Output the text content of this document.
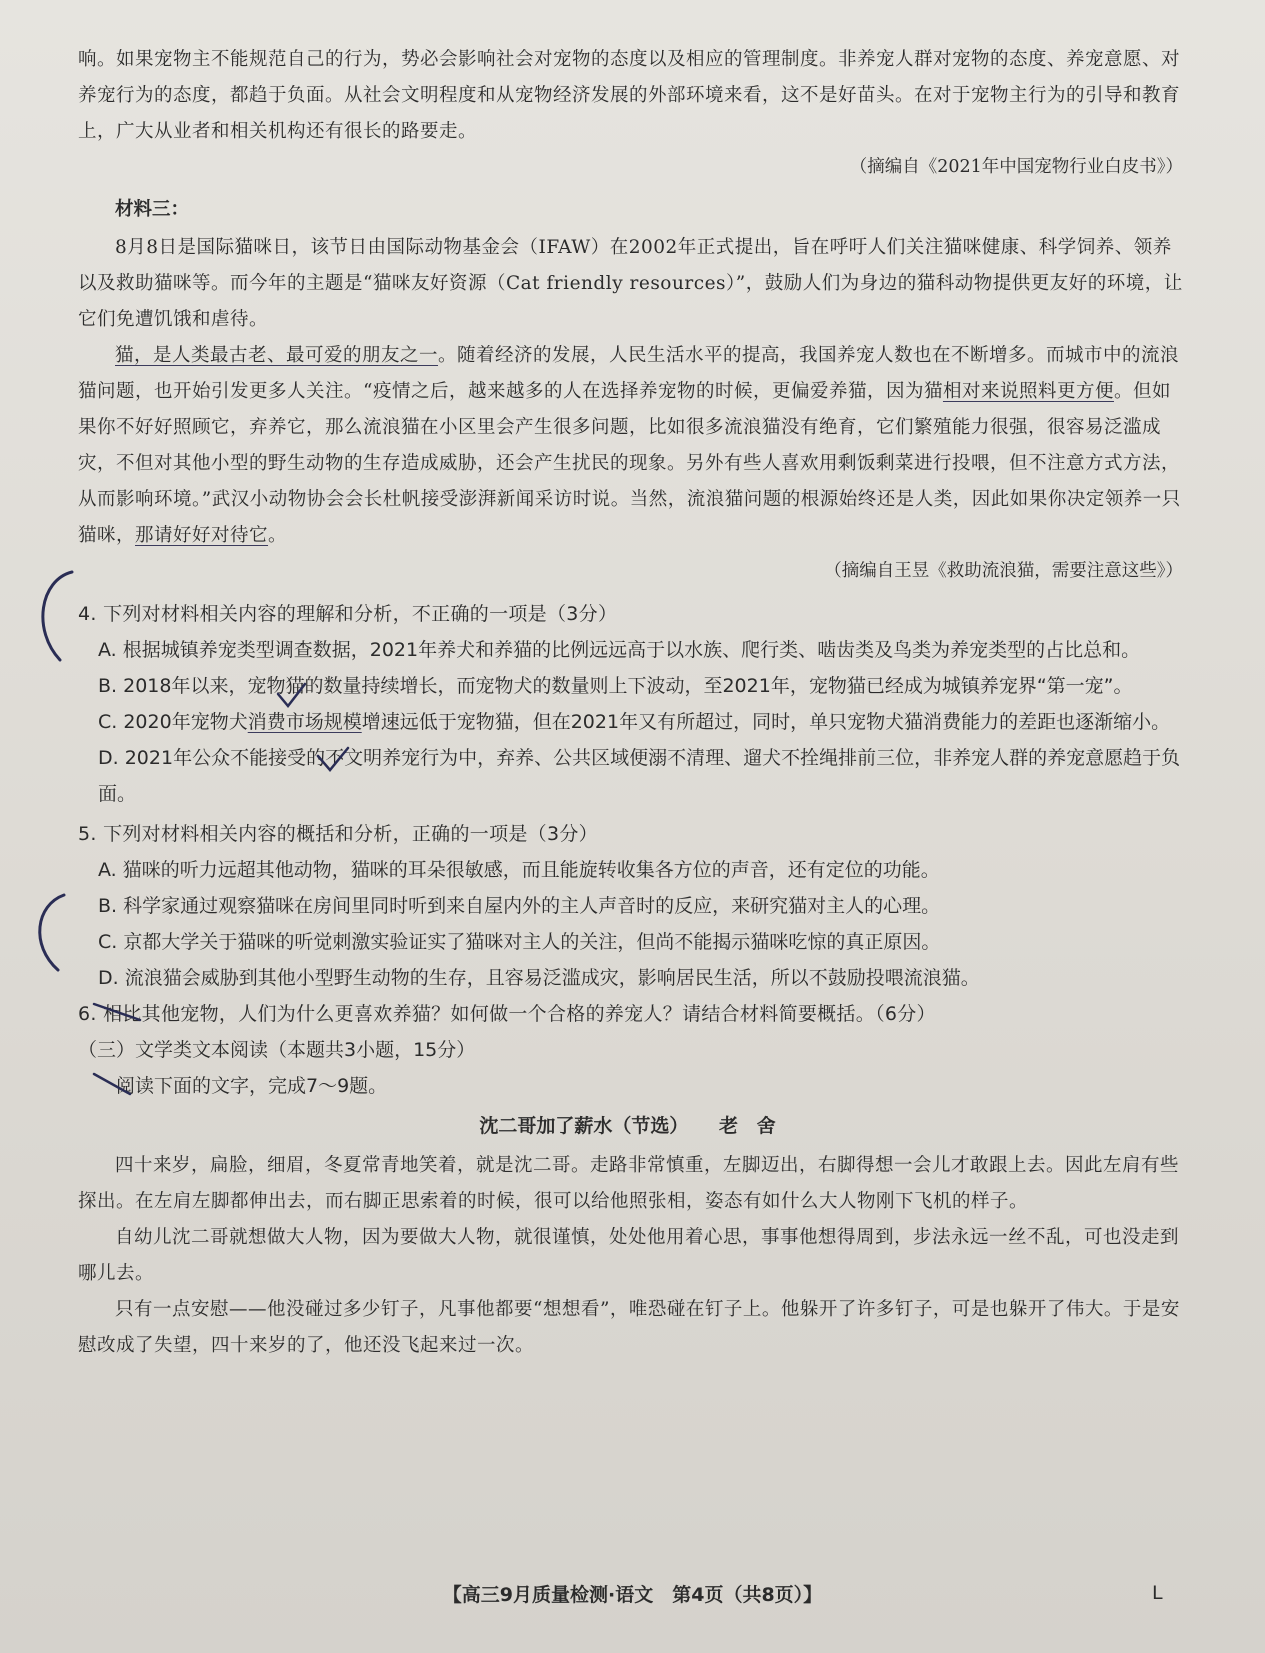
响。如果宠物主不能规范自己的行为，势必会影响社会对宠物的态度以及相应的管理制度。非养宠人群对宠物的态度、养宠意愿、对养宠行为的态度，都趋于负面。从社会文明程度和从宠物经济发展的外部环境来看，这不是好苗头。在对于宠物主行为的引导和教育上，广大从业者和相关机构还有很长的路要走。

（摘编自《2021年中国宠物行业白皮书》）

材料三：

8月8日是国际猫咪日，该节日由国际动物基金会（IFAW）在2002年正式提出，旨在呼吁人们关注猫咪健康、科学饲养、领养以及救助猫咪等。而今年的主题是“猫咪友好资源（Cat friendly resources）”，鼓励人们为身边的猫科动物提供更友好的环境，让它们免遭饥饿和虐待。

猫，是人类最古老、最可爱的朋友之一。随着经济的发展，人民生活水平的提高，我国养宠人数也在不断增多。而城市中的流浪猫问题，也开始引发更多人关注。“疫情之后，越来越多的人在选择养宠物的时候，更偏爱养猫，因为猫相对来说照料更方便。但如果你不好好照顾它，弃养它，那么流浪猫在小区里会产生很多问题，比如很多流浪猫没有绝育，它们繁殖能力很强，很容易泛滥成灾，不但对其他小型的野生动物的生存造成威胁，还会产生扰民的现象。另外有些人喜欢用剩饭剩菜进行投喂，但不注意方式方法，从而影响环境。”武汉小动物协会会长杜帆接受澎湃新闻采访时说。当然，流浪猫问题的根源始终还是人类，因此如果你决定领养一只猫咪，那请好好对待它。

（摘编自王昱《救助流浪猫，需要注意这些》）

4. 下列对材料相关内容的理解和分析，不正确的一项是（3分）

A. 根据城镇养宠类型调查数据，2021年养犬和养猫的比例远远高于以水族、爬行类、啮齿类及鸟类为养宠类型的占比总和。

B. 2018年以来，宠物猫的数量持续增长，而宠物犬的数量则上下波动，至2021年，宠物猫已经成为城镇养宠界“第一宠”。

C. 2020年宠物犬消费市场规模增速远低于宠物猫，但在2021年又有所超过，同时，单只宠物犬猫消费能力的差距也逐渐缩小。

D. 2021年公众不能接受的不文明养宠行为中，弃养、公共区域便溺不清理、遛犬不拴绳排前三位，非养宠人群的养宠意愿趋于负面。

5. 下列对材料相关内容的概括和分析，正确的一项是（3分）

A. 猫咪的听力远超其他动物，猫咪的耳朵很敏感，而且能旋转收集各方位的声音，还有定位的功能。

B. 科学家通过观察猫咪在房间里同时听到来自屋内外的主人声音时的反应，来研究猫对主人的心理。

C. 京都大学关于猫咪的听觉刺激实验证实了猫咪对主人的关注，但尚不能揭示猫咪吃惊的真正原因。

D. 流浪猫会威胁到其他小型野生动物的生存，且容易泛滥成灾，影响居民生活，所以不鼓励投喂流浪猫。

6. 相比其他宠物，人们为什么更喜欢养猫？如何做一个合格的养宠人？请结合材料简要概括。（6分）

（三）文学类文本阅读（本题共3小题，15分）

阅读下面的文字，完成7～9题。

沈二哥加了薪水（节选） 老 舍

四十来岁，扁脸，细眉，冬夏常青地笑着，就是沈二哥。走路非常慎重，左脚迈出，右脚得想一会儿才敢跟上去。因此左肩有些探出。在左肩左脚都伸出去，而右脚正思索着的时候，很可以给他照张相，姿态有如什么大人物刚下飞机的样子。

自幼儿沈二哥就想做大人物，因为要做大人物，就很谨慎，处处他用着心思，事事他想得周到，步法永远一丝不乱，可也没走到哪儿去。

只有一点安慰——他没碰过多少钉子，凡事他都要“想想看”，唯恐碰在钉子上。他躲开了许多钉子，可是也躲开了伟大。于是安慰改成了失望，四十来岁的了，他还没飞起来过一次。

【高三9月质量检测·语文　第4页（共8页）】	L
